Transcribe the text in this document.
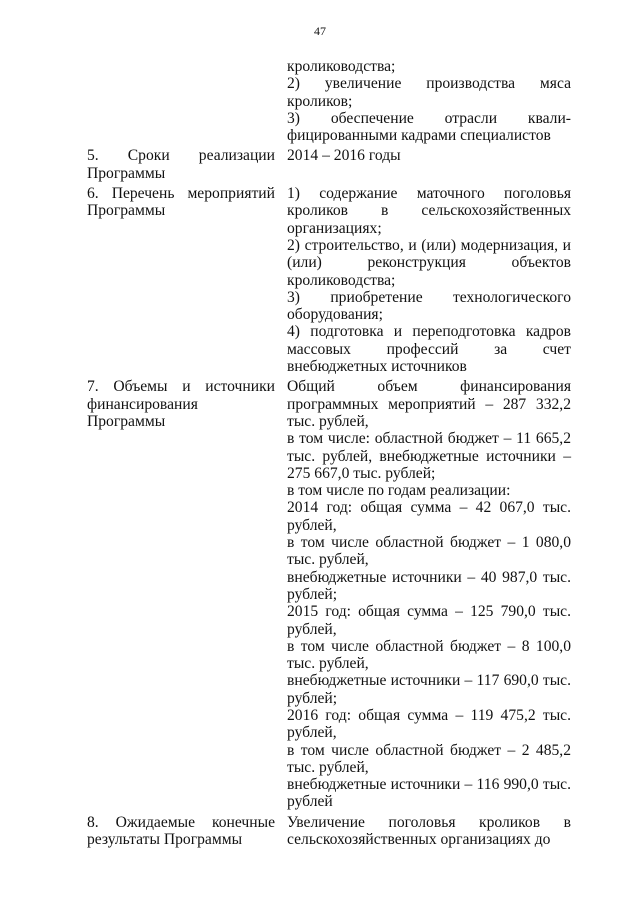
47
кролиководства;
2) увеличение производства мяса кроликов;
3) обеспечение отрасли квали-фицированными кадрами специалистов
5. Сроки реализации Программы
2014 – 2016 годы
6. Перечень мероприятий Программы
1) содержание маточного поголовья кроликов в сельскохозяйственных организациях;
2) строительство, и (или) модернизация, и (или) реконструкция объектов кролиководства;
3) приобретение технологического оборудования;
4) подготовка и переподготовка кадров массовых профессий за счет внебюджетных источников
7. Объемы и источники финансирования Программы
Общий объем финансирования программных мероприятий – 287 332,2 тыс. рублей,
в том числе: областной бюджет – 11 665,2 тыс. рублей, внебюджетные источники – 275 667,0 тыс. рублей;
в том числе по годам реализации:
2014 год: общая сумма – 42 067,0 тыс. рублей,
в том числе областной бюджет – 1 080,0 тыс. рублей,
внебюджетные источники – 40 987,0 тыс. рублей;
2015 год: общая сумма – 125 790,0 тыс. рублей,
в том числе областной бюджет – 8 100,0 тыс. рублей,
внебюджетные источники – 117 690,0 тыс. рублей;
2016 год: общая сумма – 119 475,2 тыс. рублей,
в том числе областной бюджет – 2 485,2 тыс. рублей,
внебюджетные источники – 116 990,0 тыс. рублей
8. Ожидаемые конечные результаты Программы
Увеличение поголовья кроликов в сельскохозяйственных организациях до
